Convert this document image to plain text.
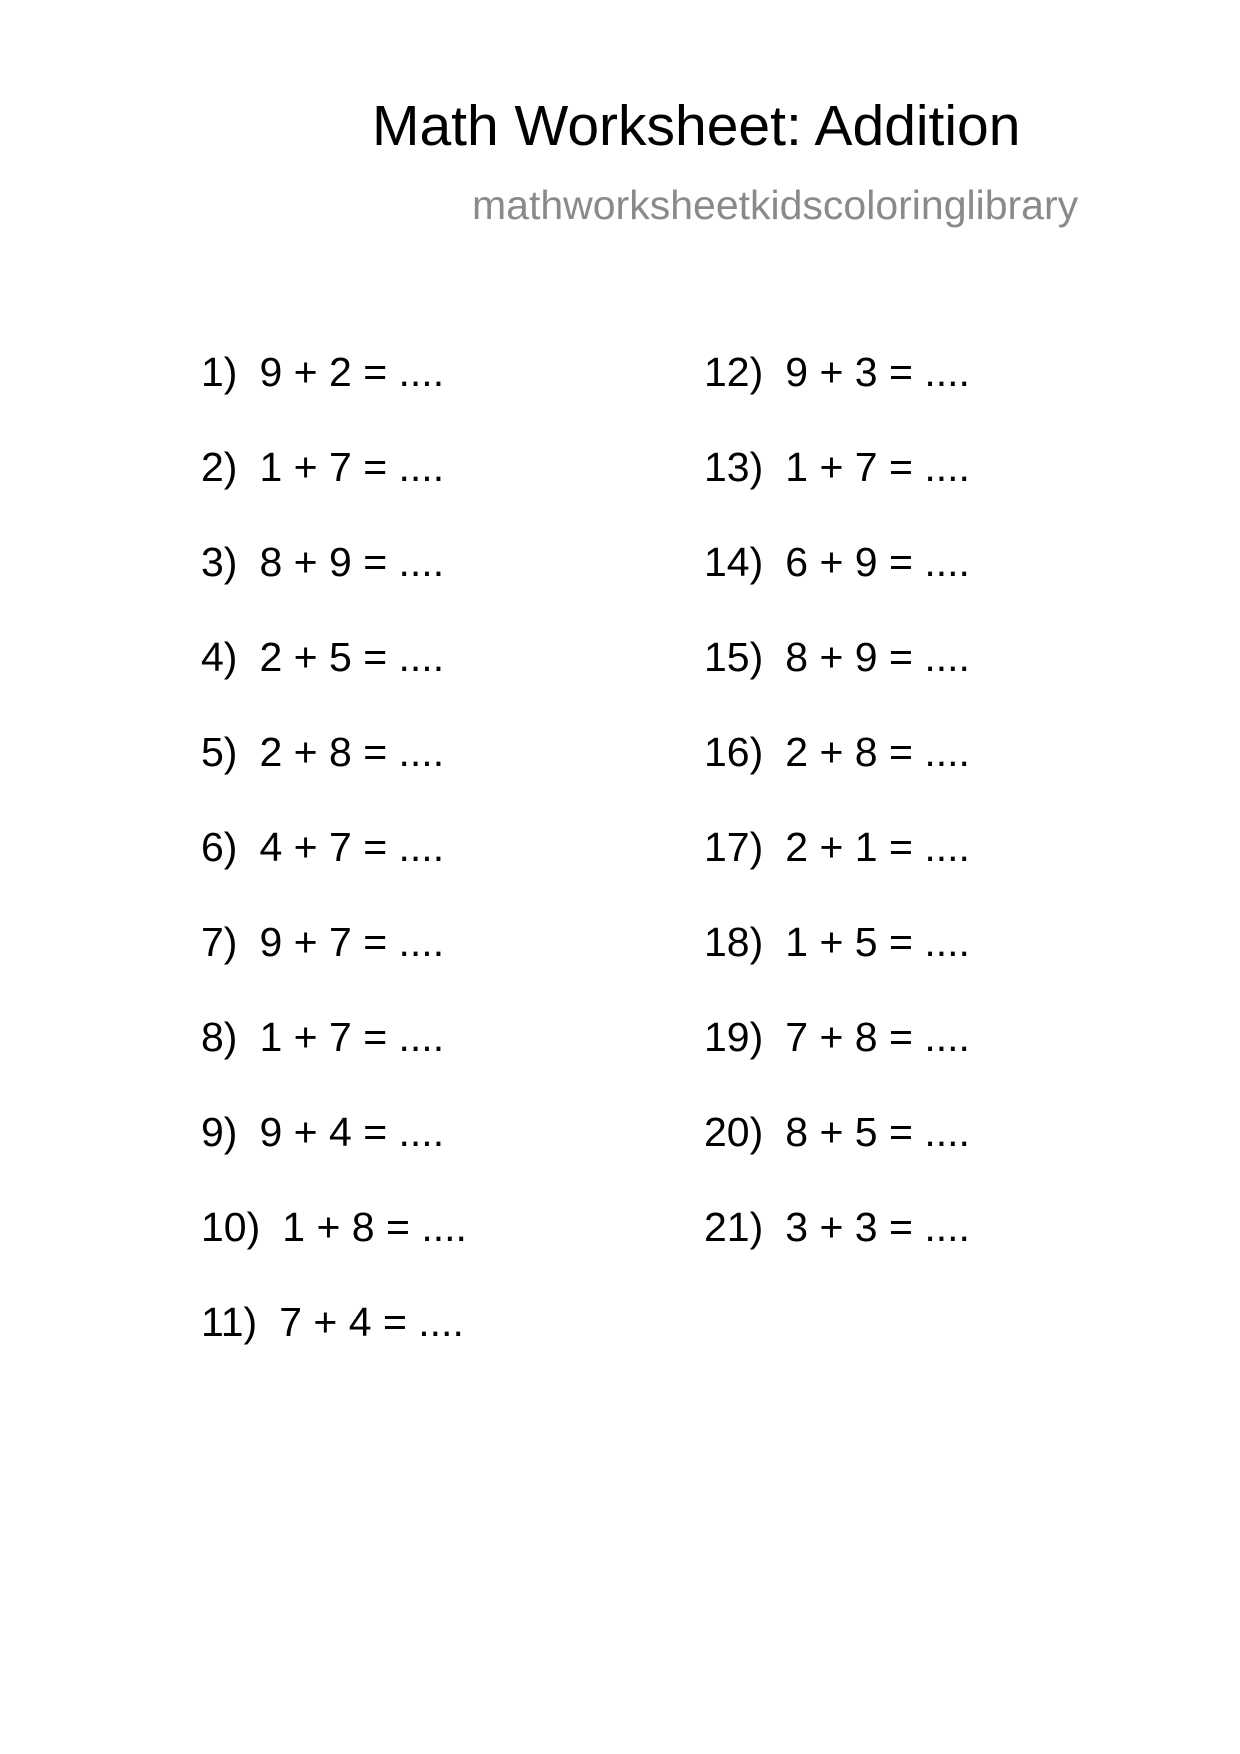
Math Worksheet: Addition
mathworksheetkidscoloringlibrary
1) 9 + 2 = ....
2) 1 + 7 = ....
3) 8 + 9 = ....
4) 2 + 5 = ....
5) 2 + 8 = ....
6) 4 + 7 = ....
7) 9 + 7 = ....
8) 1 + 7 = ....
9) 9 + 4 = ....
10) 1 + 8 = ....
11) 7 + 4 = ....
12) 9 + 3 = ....
13) 1 + 7 = ....
14) 6 + 9 = ....
15) 8 + 9 = ....
16) 2 + 8 = ....
17) 2 + 1 = ....
18) 1 + 5 = ....
19) 7 + 8 = ....
20) 8 + 5 = ....
21) 3 + 3 = ....
